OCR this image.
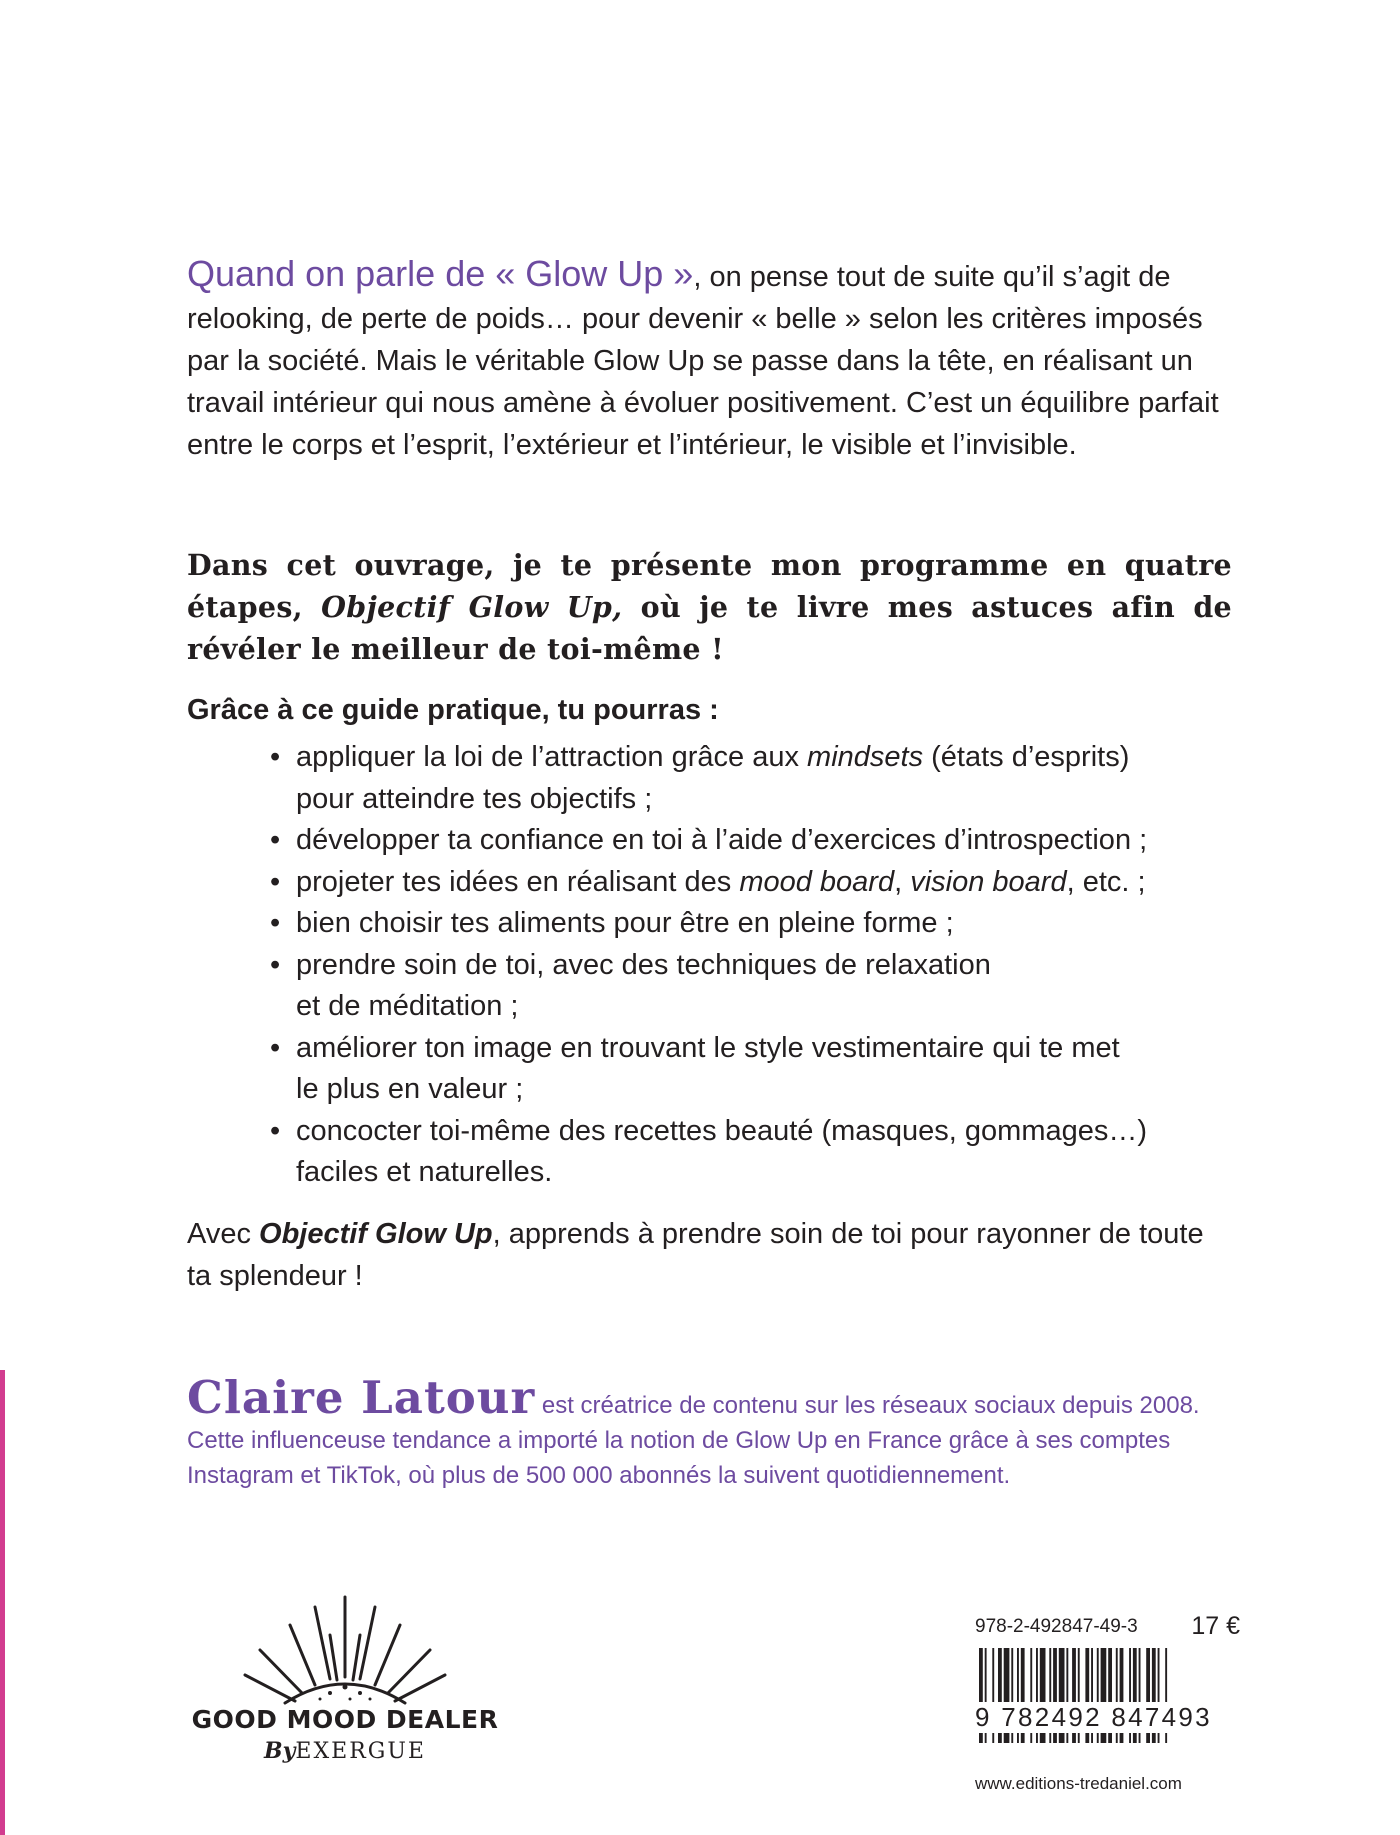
Quand on parle de « Glow Up », on pense tout de suite qu’il s’agit de relooking, de perte de poids… pour devenir « belle » selon les critères imposés par la société. Mais le véritable Glow Up se passe dans la tête, en réalisant un travail intérieur qui nous amène à évoluer positivement. C’est un équilibre parfait entre le corps et l’esprit, l’extérieur et l’intérieur, le visible et l’invisible.

Dans cet ouvrage, je te présente mon programme en quatre étapes, Objectif Glow Up, où je te livre mes astuces afin de révéler le meilleur de toi-même !

Grâce à ce guide pratique, tu pourras :

• appliquer la loi de l’attraction grâce aux mindsets (états d’esprits)
pour atteindre tes objectifs ;
• développer ta confiance en toi à l’aide d’exercices d’introspection ;
• projeter tes idées en réalisant des mood board, vision board, etc. ;
• bien choisir tes aliments pour être en pleine forme ;
• prendre soin de toi, avec des techniques de relaxation
et de méditation ;
• améliorer ton image en trouvant le style vestimentaire qui te met
le plus en valeur ;
• concocter toi-même des recettes beauté (masques, gommages…)
faciles et naturelles.

Avec Objectif Glow Up, apprends à prendre soin de toi pour rayonner de toute ta splendeur !

Claire Latour est créatrice de contenu sur les réseaux sociaux depuis 2008. Cette influenceuse tendance a importé la notion de Glow Up en France grâce à ses comptes Instagram et TikTok, où plus de 500 000 abonnés la suivent quotidiennement.

GOOD MOOD DEALER
ByEXERGUE
978-2-492847-49-3 17 €
9 782492 847493
www.editions-tredaniel.com
